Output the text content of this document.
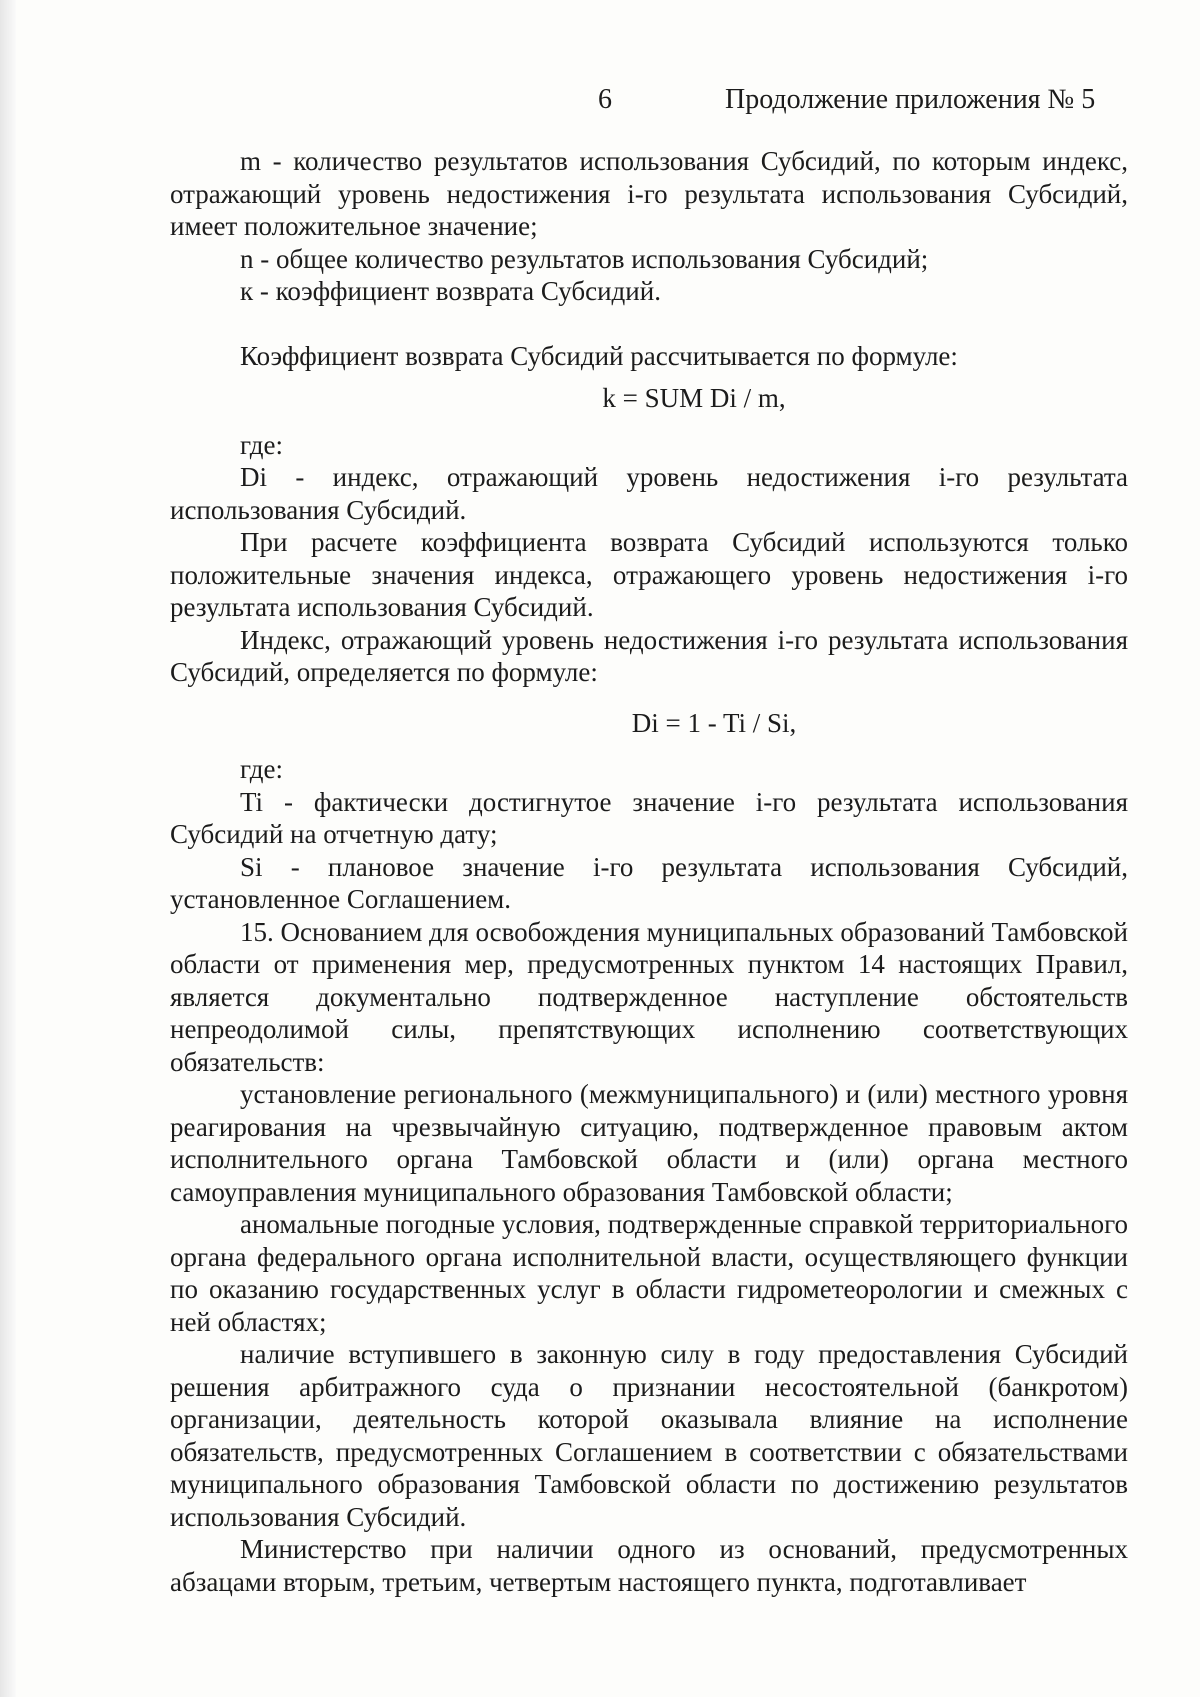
6	Продолжение приложения № 5

m - количество результатов использования Субсидий, по которым индекс, отражающий уровень недостижения i-го результата использования Субсидий, имеет положительное значение;

n - общее количество результатов использования Субсидий;

к - коэффициент возврата Субсидий.

Коэффициент возврата Субсидий рассчитывается по формуле:

k = SUM Di / m,

где:

Di - индекс, отражающий уровень недостижения i-го результата использования Субсидий.

При расчете коэффициента возврата Субсидий используются только положительные значения индекса, отражающего уровень недостижения i-го результата использования Субсидий.

Индекс, отражающий уровень недостижения i-го результата использования Субсидий, определяется по формуле:

Di = 1 - Ti / Si,

где:

Ti - фактически достигнутое значение i-го результата использования Субсидий на отчетную дату;

Si - плановое значение i-го результата использования Субсидий, установленное Соглашением.

15. Основанием для освобождения муниципальных образований Тамбовской области от применения мер, предусмотренных пунктом 14 настоящих Правил, является документально подтвержденное наступление обстоятельств непреодолимой силы, препятствующих исполнению соответствующих обязательств:

установление регионального (межмуниципального) и (или) местного уровня реагирования на чрезвычайную ситуацию, подтвержденное правовым актом исполнительного органа Тамбовской области и (или) органа местного самоуправления муниципального образования Тамбовской области;

аномальные погодные условия, подтвержденные справкой территориального органа федерального органа исполнительной власти, осуществляющего функции по оказанию государственных услуг в области гидрометеорологии и смежных с ней областях;

наличие вступившего в законную силу в году предоставления Субсидий решения арбитражного суда о признании несостоятельной (банкротом) организации, деятельность которой оказывала влияние на исполнение обязательств, предусмотренных Соглашением в соответствии с обязательствами муниципального образования Тамбовской области по достижению результатов использования Субсидий.

Министерство при наличии одного из оснований, предусмотренных абзацами вторым, третьим, четвертым настоящего пункта, подготавливает
